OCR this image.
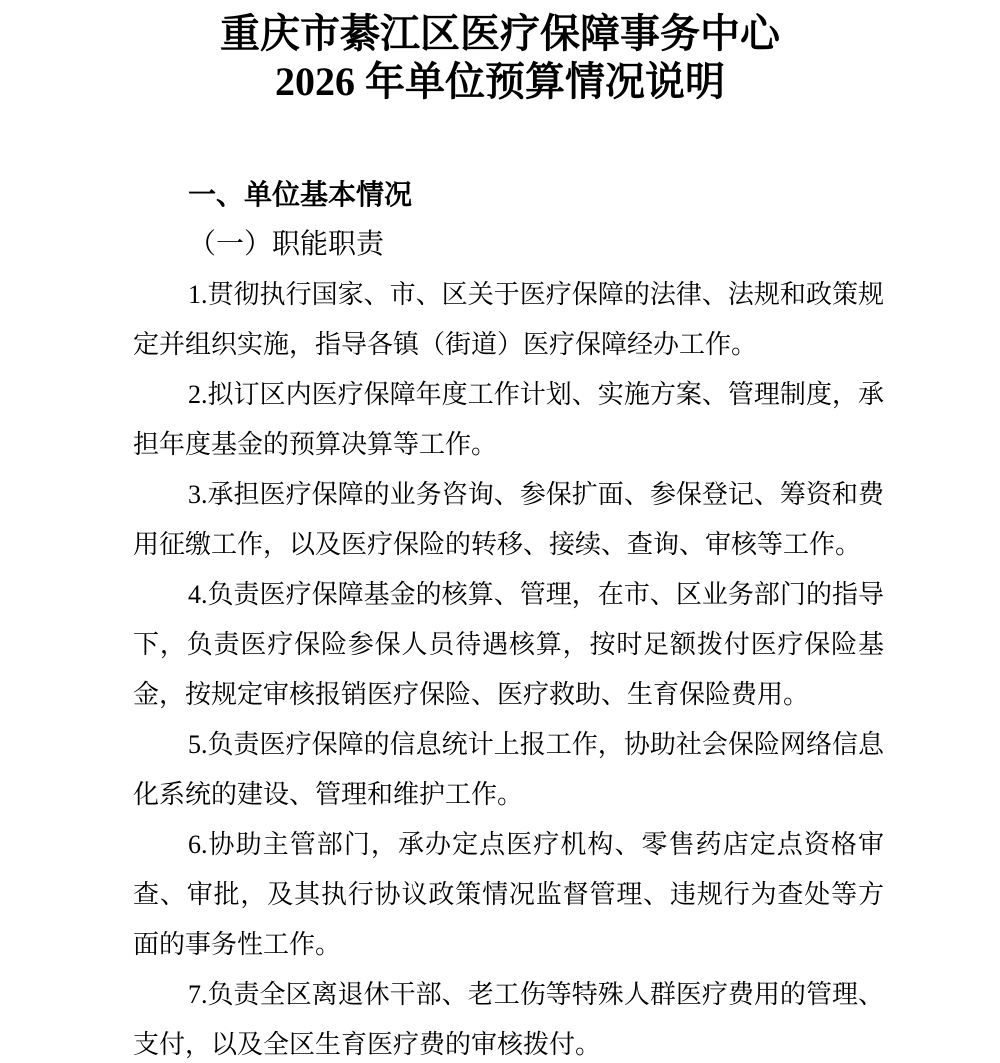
重庆市綦江区医疗保障事务中心
2026 年单位预算情况说明
一、单位基本情况
（一）职能职责

1.贯彻执行国家、市、区关于医疗保障的法律、法规和政策规定并组织实施，指导各镇（街道）医疗保障经办工作。

2.拟订区内医疗保障年度工作计划、实施方案、管理制度，承担年度基金的预算决算等工作。

3.承担医疗保障的业务咨询、参保扩面、参保登记、筹资和费用征缴工作，以及医疗保险的转移、接续、查询、审核等工作。

4.负责医疗保障基金的核算、管理，在市、区业务部门的指导下，负责医疗保险参保人员待遇核算，按时足额拨付医疗保险基金，按规定审核报销医疗保险、医疗救助、生育保险费用。

5.负责医疗保障的信息统计上报工作，协助社会保险网络信息化系统的建设、管理和维护工作。

6.协助主管部门，承办定点医疗机构、零售药店定点资格审查、审批，及其执行协议政策情况监督管理、违规行为查处等方面的事务性工作。

7.负责全区离退休干部、老工伤等特殊人群医疗费用的管理、支付，以及全区生育医疗费的审核拨付。
